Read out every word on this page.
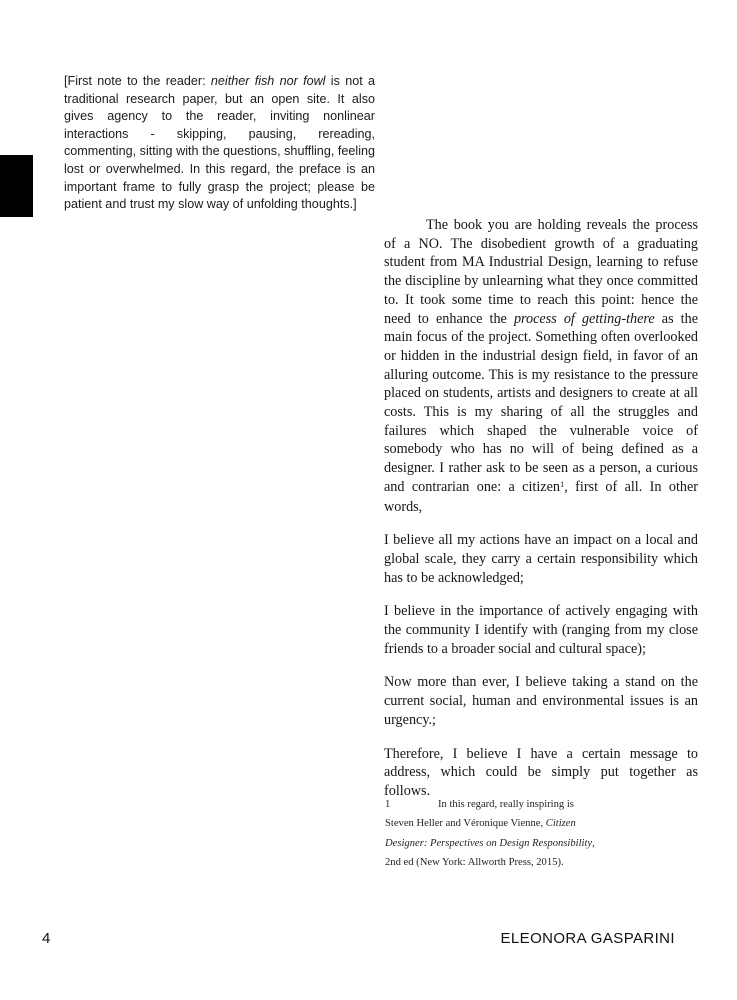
[First note to the reader: neither fish nor fowl is not a traditional research paper, but an open site. It also gives agency to the reader, inviting nonlinear interactions - skipping, pausing, rereading, commenting, sitting with the questions, shuffling, feeling lost or overwhelmed. In this regard, the preface is an important frame to fully grasp the project; please be patient and trust my slow way of unfolding thoughts.]

The book you are holding reveals the process of a NO. The disobedient growth of a graduating student from MA Industrial Design, learning to refuse the discipline by unlearning what they once committed to. It took some time to reach this point: hence the need to enhance the process of getting-there as the main focus of the project. Something often overlooked or hidden in the industrial design field, in favor of an alluring outcome. This is my resistance to the pressure placed on students, artists and designers to create at all costs. This is my sharing of all the struggles and failures which shaped the vulnerable voice of somebody who has no will of being defined as a designer. I rather ask to be seen as a person, a curious and contrarian one: a citizen$^1$, first of all. In other words,

I believe all my actions have an impact on a local and global scale, they carry a certain responsibility which has to be acknowledged;

I believe in the importance of actively engaging with the community I identify with (ranging from my close friends to a broader social and cultural space);

Now more than ever, I believe taking a stand on the current social, human and environmental issues is an urgency.;

Therefore, I believe I have a certain message to address, which could be simply put together as follows.

1	In this regard, really inspiring is Steven Heller and Véronique Vienne, Citizen Designer: Perspectives on Design Responsibility, 2nd ed (New York: Allworth Press, 2015).

4	ELEONORA GASPARINI
